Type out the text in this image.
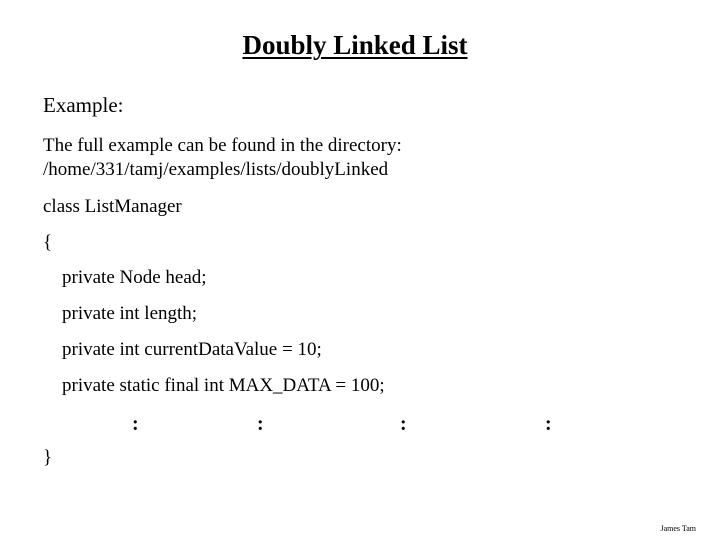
Doubly Linked List
Example:
The full example can be found in the directory:
/home/331/tamj/examples/lists/doublyLinked
class ListManager
{
private Node head;
private int length;
private int currentDataValue = 10;
private static final int MAX_DATA = 100;
:	:	:	:
}
James Tam
